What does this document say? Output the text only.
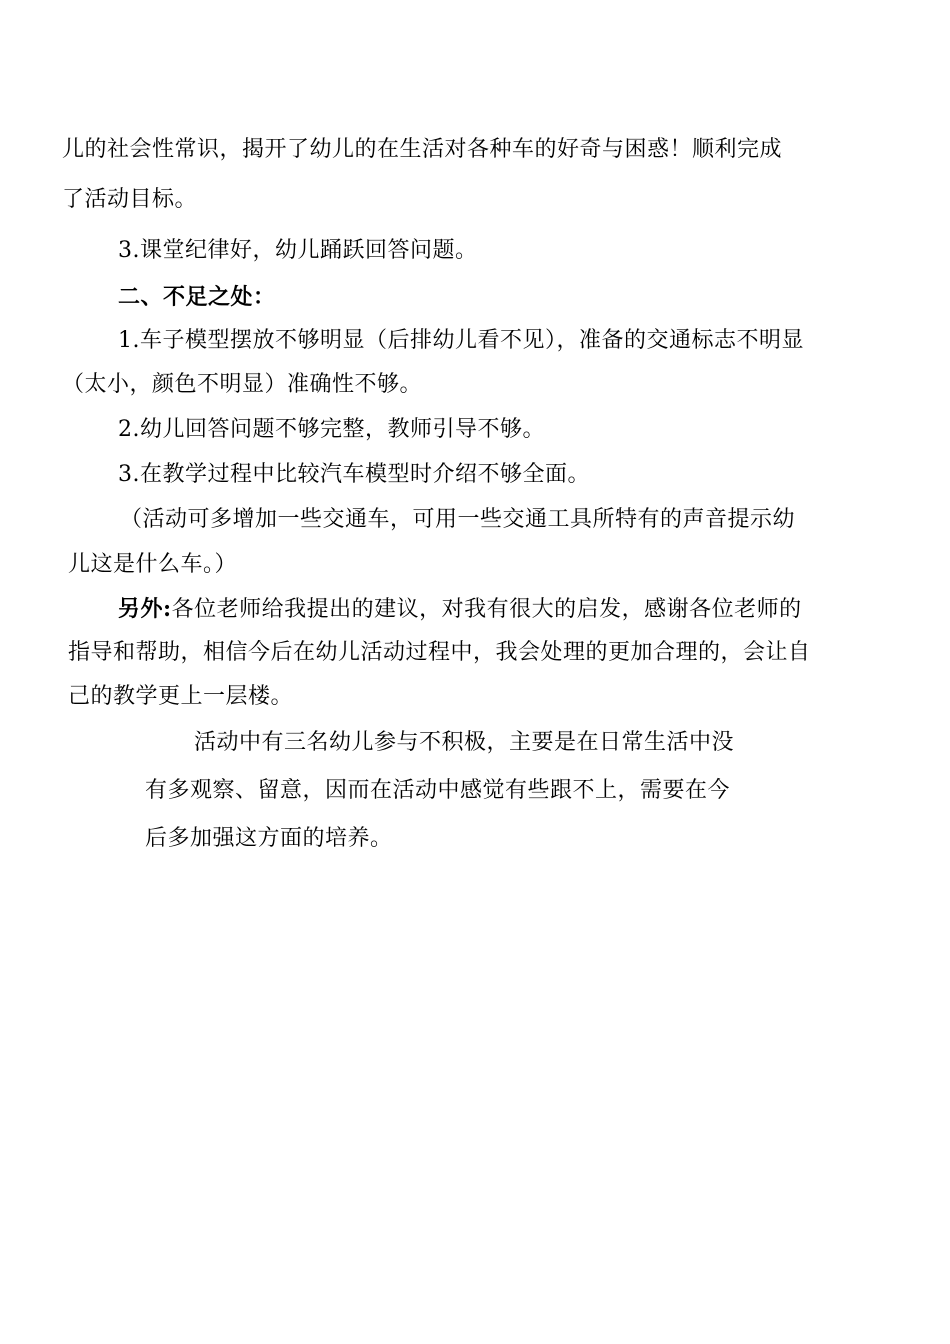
儿的社会性常识，揭开了幼儿的在生活对各种车的好奇与困惑！顺利完成
了活动目标。
3.课堂纪律好，幼儿踊跃回答问题。
二、不足之处：
1.车子模型摆放不够明显（后排幼儿看不见），准备的交通标志不明显
（太小，颜色不明显）准确性不够。
2.幼儿回答问题不够完整，教师引导不够。
3.在教学过程中比较汽车模型时介绍不够全面。
（活动可多增加一些交通车，可用一些交通工具所特有的声音提示幼
儿这是什么车。）
另外:各位老师给我提出的建议，对我有很大的启发，感谢各位老师的
指导和帮助，相信今后在幼儿活动过程中，我会处理的更加合理的，会让自
己的教学更上一层楼。
活动中有三名幼儿参与不积极，主要是在日常生活中没
有多观察、留意，因而在活动中感觉有些跟不上，需要在今
后多加强这方面的培养。
